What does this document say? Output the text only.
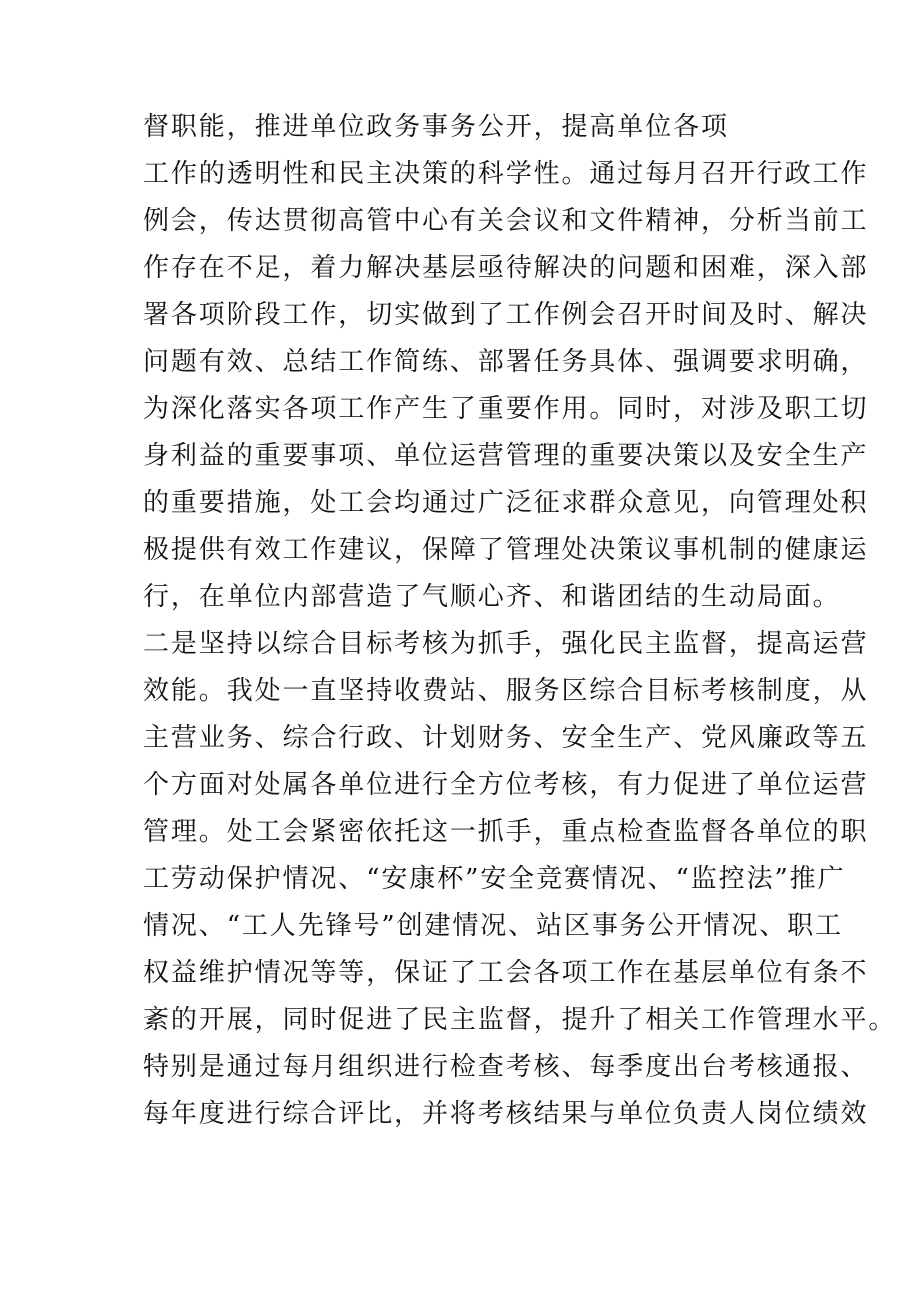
督职能，推进单位政务事务公开，提高单位各项
工作的透明性和民主决策的科学性。通过每月召开行政工作
例会，传达贯彻高管中心有关会议和文件精神，分析当前工
作存在不足，着力解决基层亟待解决的问题和困难，深入部
署各项阶段工作，切实做到了工作例会召开时间及时、解决
问题有效、总结工作简练、部署任务具体、强调要求明确，
为深化落实各项工作产生了重要作用。同时，对涉及职工切
身利益的重要事项、单位运营管理的重要决策以及安全生产
的重要措施，处工会均通过广泛征求群众意见，向管理处积
极提供有效工作建议，保障了管理处决策议事机制的健康运
行，在单位内部营造了气顺心齐、和谐团结的生动局面。
二是坚持以综合目标考核为抓手，强化民主监督，提高运营
效能。我处一直坚持收费站、服务区综合目标考核制度，从
主营业务、综合行政、计划财务、安全生产、党风廉政等五
个方面对处属各单位进行全方位考核，有力促进了单位运营
管理。处工会紧密依托这一抓手，重点检查监督各单位的职
工劳动保护情况、“安康杯”安全竞赛情况、“监控法”推广
情况、“工人先锋号”创建情况、站区事务公开情况、职工
权益维护情况等等，保证了工会各项工作在基层单位有条不
紊的开展，同时促进了民主监督，提升了相关工作管理水平。
特别是通过每月组织进行检查考核、每季度出台考核通报、
每年度进行综合评比，并将考核结果与单位负责人岗位绩效
